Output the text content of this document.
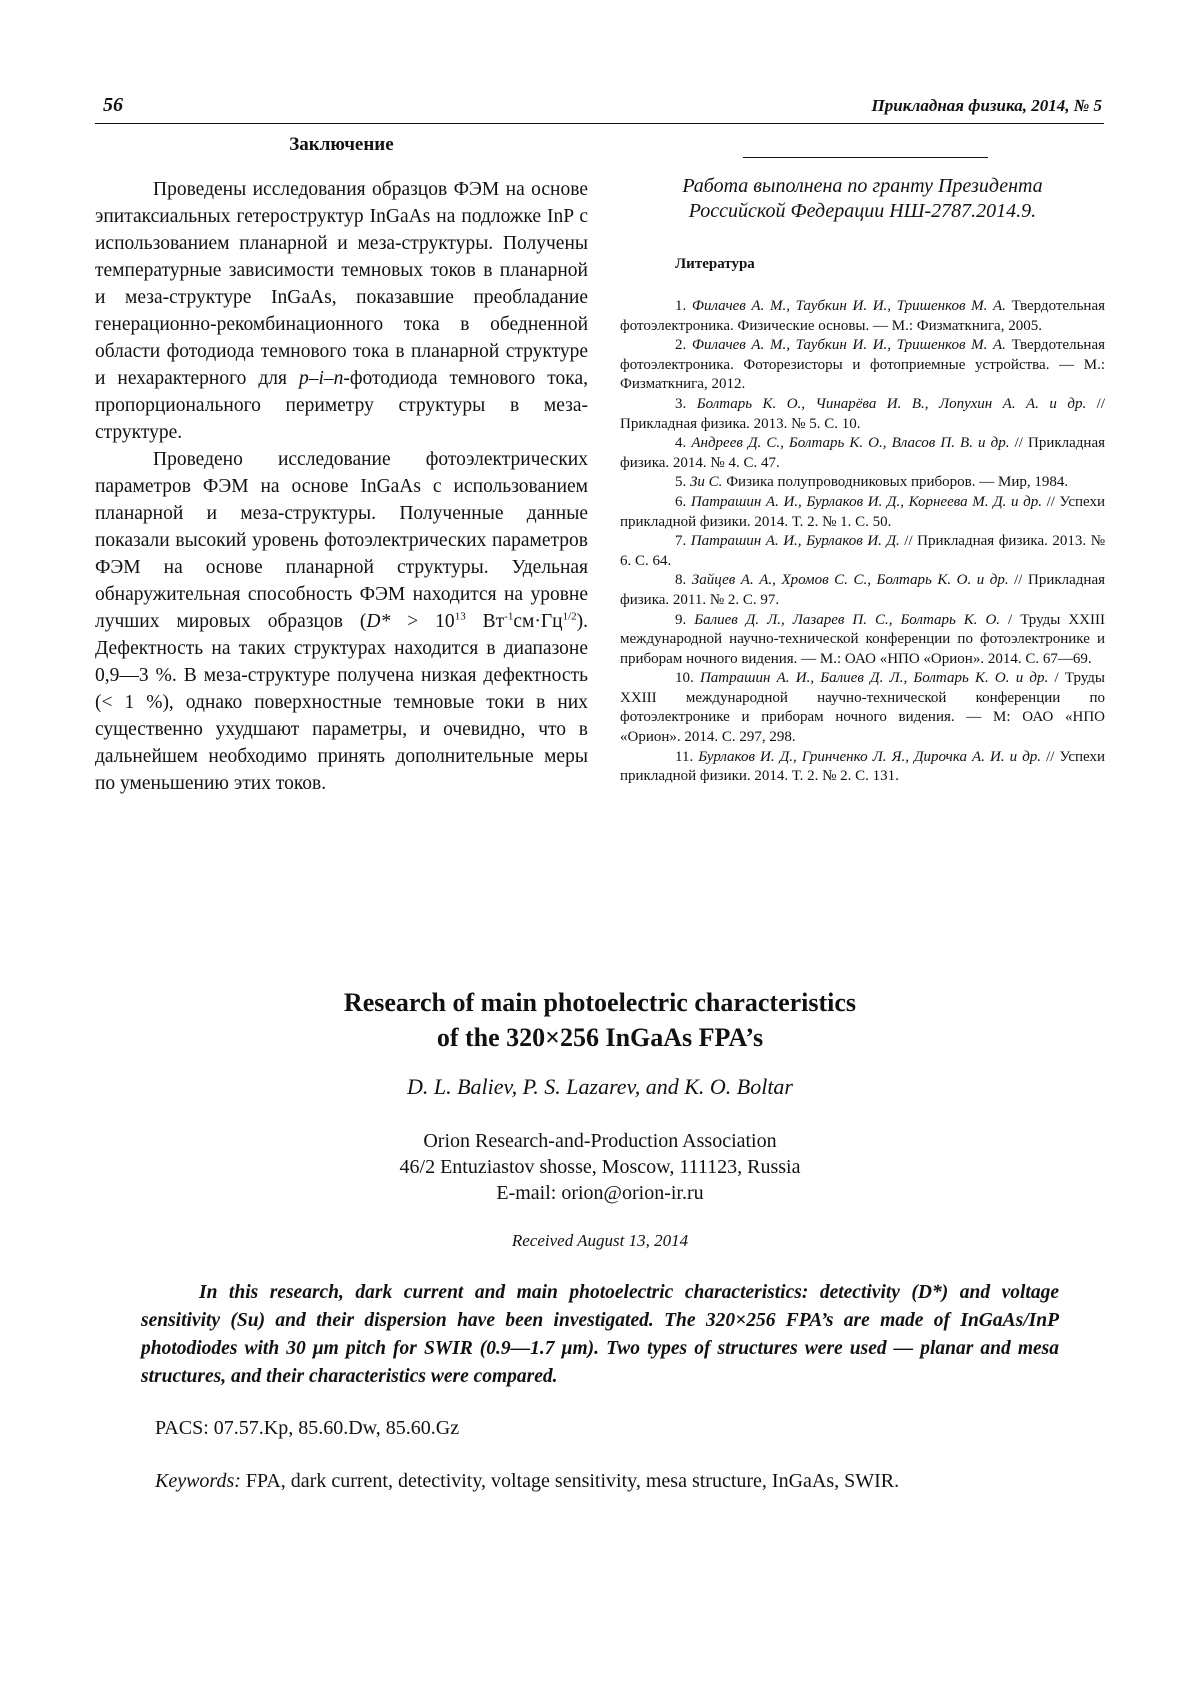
56	Прикладная физика, 2014, № 5
Заключение

Проведены исследования образцов ФЭМ на основе эпитаксиальных гетероструктур InGaAs на подложке InP с использованием планарной и меза-структуры. Получены температурные зависимости темновых токов в планарной и меза-структуре InGaAs, показавшие преобладание генерационно-рекомбинационного тока в обедненной области фотодиода темнового тока в планарной структуре и нехарактерного для p–i–n-фотодиода темнового тока, пропорционального периметру структуры в меза-структуре.

Проведено исследование фотоэлектрических параметров ФЭМ на основе InGaAs с использованием планарной и меза-структуры. Полученные данные показали высокий уровень фотоэлектрических параметров ФЭМ на основе планарной структуры. Удельная обнаружительная способность ФЭМ находится на уровне лучших мировых образцов ($D* > 10^{13}$ $Вт^{-1}см\cdot Гц^{1/2}$). Дефектность на таких структурах находится в диапазоне 0,9—3 %. В меза-структуре получена низкая дефектность (< 1 %), однако поверхностные темновые токи в них существенно ухудшают параметры, и очевидно, что в дальнейшем необходимо принять дополнительные меры по уменьшению этих токов.

Работа выполнена по гранту Президента
Российской Федерации НШ-2787.2014.9.
Литература

1. Филачев А. М., Таубкин И. И., Тришенков М. А. Твердотельная фотоэлектроника. Физические основы. — М.: Физматкнига, 2005.

2. Филачев А. М., Таубкин И. И., Тришенков М. А. Твердотельная фотоэлектроника. Фоторезисторы и фотоприемные устройства. — М.: Физматкнига, 2012.

3. Болтарь К. О., Чинарёва И. В., Лопухин А. А. и др. // Прикладная физика. 2013. № 5. С. 10.

4. Андреев Д. С., Болтарь К. О., Власов П. В. и др. // Прикладная физика. 2014. № 4. С. 47.

5. Зи С. Физика полупроводниковых приборов. — Мир, 1984.

6. Патрашин А. И., Бурлаков И. Д., Корнеева М. Д. и др. // Успехи прикладной физики. 2014. Т. 2. № 1. С. 50.

7. Патрашин А. И., Бурлаков И. Д. // Прикладная физика. 2013. № 6. С. 64.

8. Зайцев А. А., Хромов С. С., Болтарь К. О. и др. // Прикладная физика. 2011. № 2. С. 97.

9. Балиев Д. Л., Лазарев П. С., Болтарь К. О. / Труды XXIII международной научно-технической конференции по фотоэлектронике и приборам ночного видения. — М.: ОАО «НПО «Орион». 2014. С. 67—69.

10. Патрашин А. И., Балиев Д. Л., Болтарь К. О. и др. / Труды XXIII международной научно-технической конференции по фотоэлектронике и приборам ночного видения. — М: ОАО «НПО «Орион». 2014. С. 297, 298.

11. Бурлаков И. Д., Гринченко Л. Я., Дирочка А. И. и др. // Успехи прикладной физики. 2014. Т. 2. № 2. С. 131.

Research of main photoelectric characteristics
of the 320×256 InGaAs FPA’s
D. L. Baliev, P. S. Lazarev, and K. O. Boltar
Orion Research-and-Production Association
46/2 Entuziastov shosse, Moscow, 111123, Russia
E-mail: orion@orion-ir.ru
Received August 13, 2014

In this research, dark current and main photoelectric characteristics: detectivity (D*) and voltage sensitivity (Su) and their dispersion have been investigated. The 320×256 FPA’s are made of InGaAs/InP photodiodes with 30 μm pitch for SWIR (0.9—1.7 μm). Two types of structures were used — planar and mesa structures, and their characteristics were compared.

PACS: 07.57.Kp, 85.60.Dw, 85.60.Gz

Keywords: FPA, dark current, detectivity, voltage sensitivity, mesa structure, InGaAs, SWIR.
